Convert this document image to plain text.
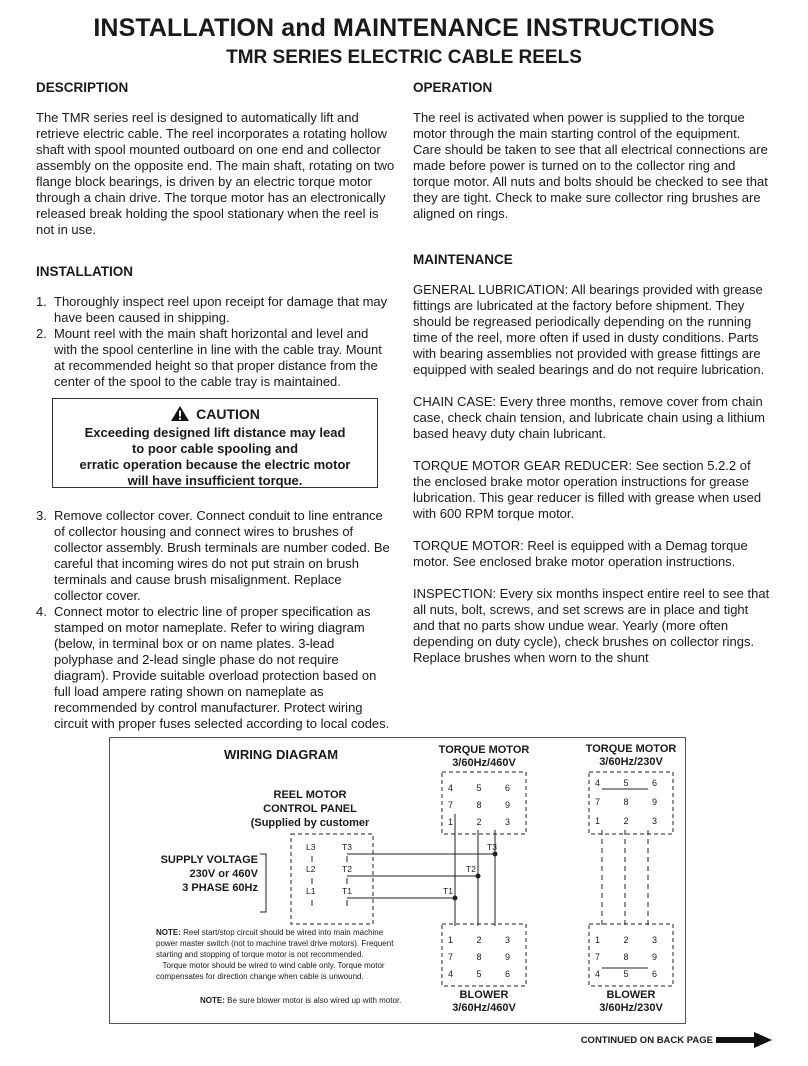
INSTALLATION and MAINTENANCE INSTRUCTIONS
TMR SERIES ELECTRIC CABLE REELS

DESCRIPTION

The TMR series reel is designed to automatically lift and retrieve electric cable. The reel incorporates a rotating hollow shaft with spool mounted outboard on one end and collector assembly on the opposite end. The main shaft, rotating on two flange block bearings, is driven by an electric torque motor through a chain drive. The torque motor has an electronically released break holding the spool stationary when the reel is not in use.

INSTALLATION

1. Thoroughly inspect reel upon receipt for damage that may have been caused in shipping.
2. Mount reel with the main shaft horizontal and level and with the spool centerline in line with the cable tray. Mount at recommended height so that proper distance from the center of the spool to the cable tray is maintained.
CAUTION
Exceeding designed lift distance may lead
to poor cable spooling and
erratic operation because the electric motor
will have insufficient torque.
3. Remove collector cover. Connect conduit to line entrance of collector housing and connect wires to brushes of collector assembly. Brush terminals are number coded. Be careful that incoming wires do not put strain on brush terminals and cause brush misalignment. Replace collector cover.
4. Connect motor to electric line of proper specification as stamped on motor nameplate. Refer to wiring diagram (below, in terminal box or on name plates. 3-lead polyphase and 2-lead single phase do not require diagram). Provide suitable overload protection based on full load ampere rating shown on nameplate as recommended by control manufacturer. Protect wiring circuit with proper fuses selected according to local codes.

OPERATION

The reel is activated when power is supplied to the torque motor through the main starting control of the equipment. Care should be taken to see that all electrical connections are made before power is turned on to the collector ring and torque motor. All nuts and bolts should be checked to see that they are tight. Check to make sure collector ring brushes are aligned on rings.

MAINTENANCE

GENERAL LUBRICATION: All bearings provided with grease fittings are lubricated at the factory before shipment. They should be regreased periodically depending on the running time of the reel, more often if used in dusty conditions. Parts with bearing assemblies not provided with grease fittings are equipped with sealed bearings and do not require lubrication.

CHAIN CASE: Every three months, remove cover from chain case, check chain tension, and lubricate chain using a lithium based heavy duty chain lubricant.

TORQUE MOTOR GEAR REDUCER: See section 5.2.2 of the enclosed brake motor operation instructions for grease lubrication. This gear reducer is filled with grease when used with 600 RPM torque motor.

TORQUE MOTOR: Reel is equipped with a Demag torque motor. See enclosed brake motor operation instructions.

INSPECTION: Every six months inspect entire reel to see that all nuts, bolt, screws, and set screws are in place and tight and that no parts show undue wear. Yearly (more often depending on duty cycle), check brushes on collector rings. Replace brushes when worn to the shunt

WIRING DIAGRAM
REEL MOTOR
CONTROL PANEL
(Supplied by customer
SUPPLY VOLTAGE
230V or 460V
3 PHASE 60Hz
L3
L2
L1
T3
T2
T1
T3
T2
T1
TORQUE MOTOR
3/60Hz/460V
TORQUE MOTOR
3/60Hz/230V
4	5	6
7	8	9
1	2	3
4	5	6
7	8	9
1	2	3
1	2	3
7	8	9
4	5	6
1	2	3
7	8	9
4	5	6
BLOWER
3/60Hz/460V
BLOWER
3/60Hz/230V
NOTE: Reel start/stop circuit should be wired into main machine
power master switch (not to machine travel drive motors). Frequent
starting and stopping of torque motor is not recommended.
Torque motor should be wired to wind cable only. Torque motor
compensates for direction change when cable is unwound.
NOTE: Be sure blower motor is also wired up with motor.
CONTINUED ON BACK PAGE
